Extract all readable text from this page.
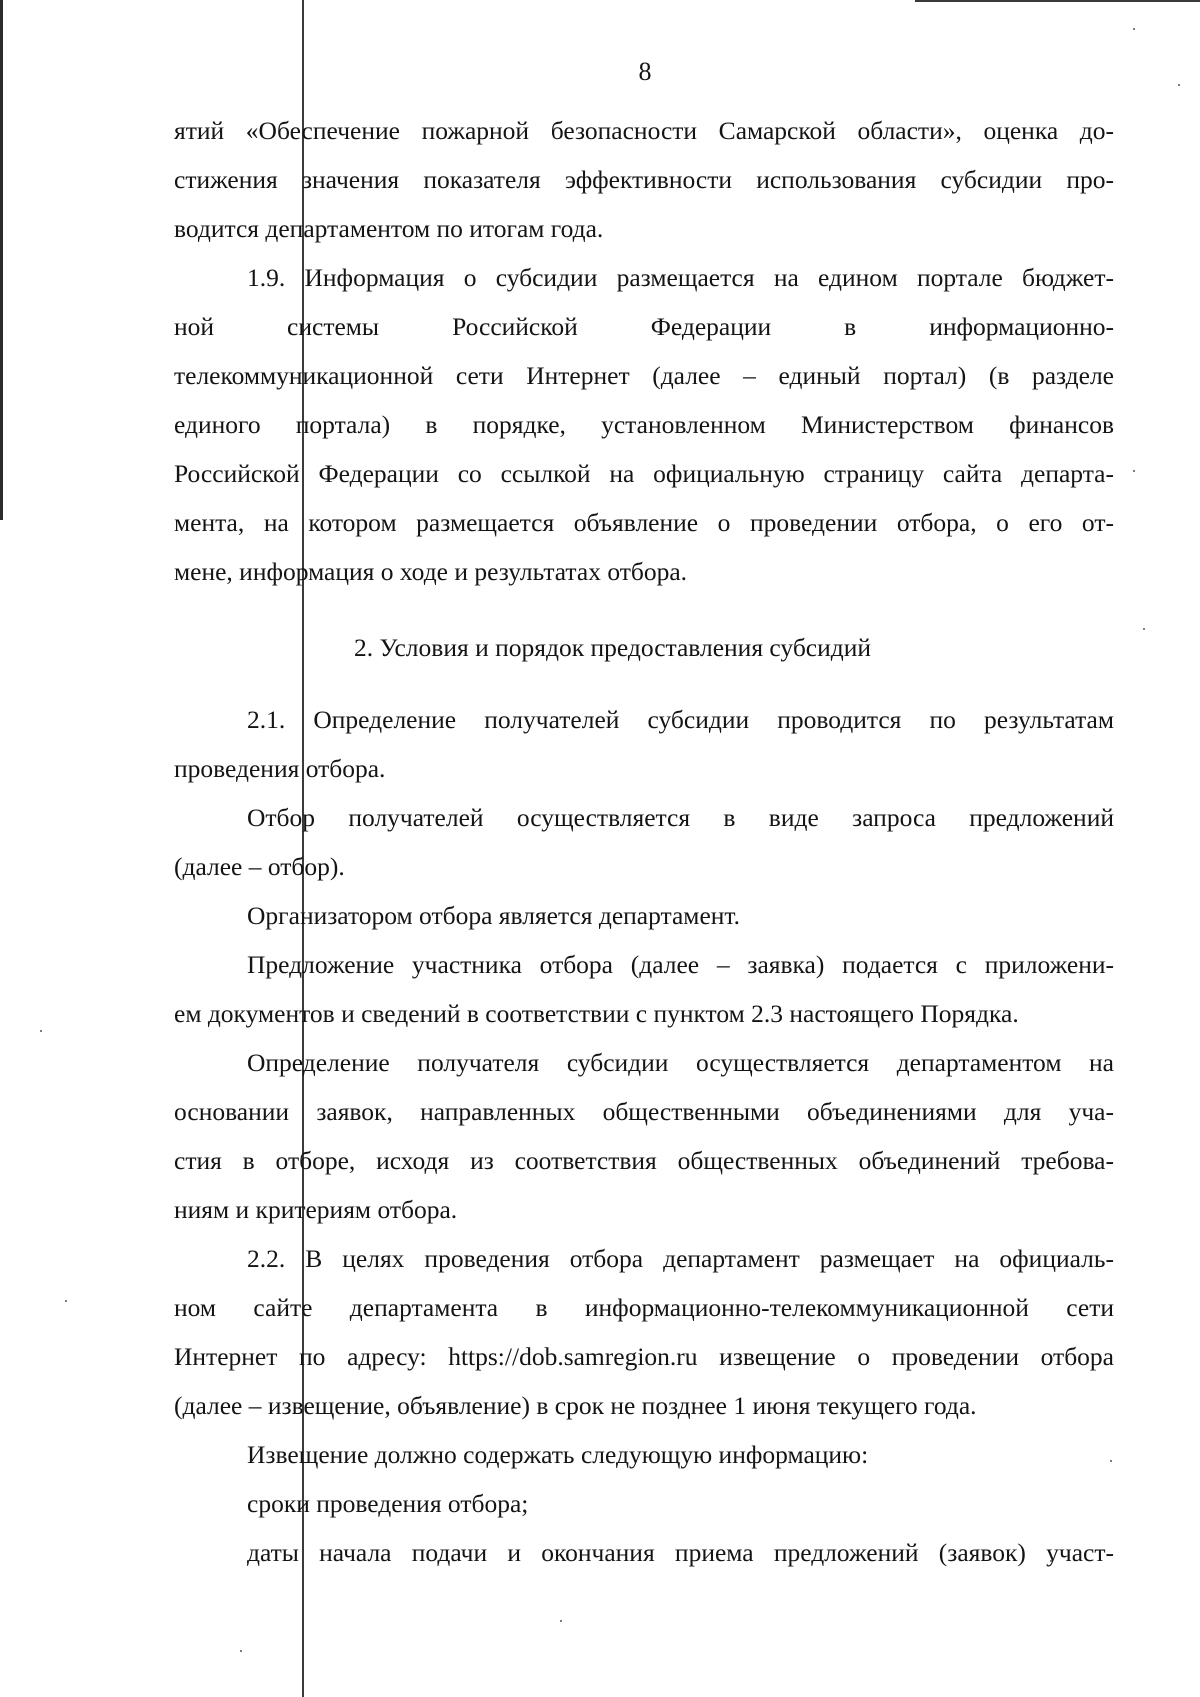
8

ятий «Обеспечение пожарной безопасности Самарской области», оценка до-
стижения значения показателя эффективности использования субсидии про-
водится департаментом по итогам года.

1.9. Информация о субсидии размещается на едином портале бюджет-
ной системы Российской Федерации в информационно-
телекоммуникационной сети Интернет (далее – единый портал) (в разделе
единого портала) в порядке, установленном Министерством финансов
Российской Федерации со ссылкой на официальную страницу сайта департа-
мента, на котором размещается объявление о проведении отбора, о его от-
мене, информация о ходе и результатах отбора.

2. Условия и порядок предоставления субсидий

2.1. Определение получателей субсидии проводится по результатам
проведения отбора.

Отбор получателей осуществляется в виде запроса предложений
(далее – отбор).

Организатором отбора является департамент.

Предложение участника отбора (далее – заявка) подается с приложени-
ем документов и сведений в соответствии с пунктом 2.3 настоящего Порядка.

Определение получателя субсидии осуществляется департаментом на
основании заявок, направленных общественными объединениями для уча-
стия в отборе, исходя из соответствия общественных объединений требова-
ниям и критериям отбора.

2.2. В целях проведения отбора департамент размещает на официаль-
ном сайте департамента в информационно-телекоммуникационной сети
Интернет по адресу: https://dob.samregion.ru извещение о проведении отбора
(далее – извещение, объявление) в срок не позднее 1 июня текущего года.

Извещение должно содержать следующую информацию:

сроки проведения отбора;

даты начала подачи и окончания приема предложений (заявок) участ-
